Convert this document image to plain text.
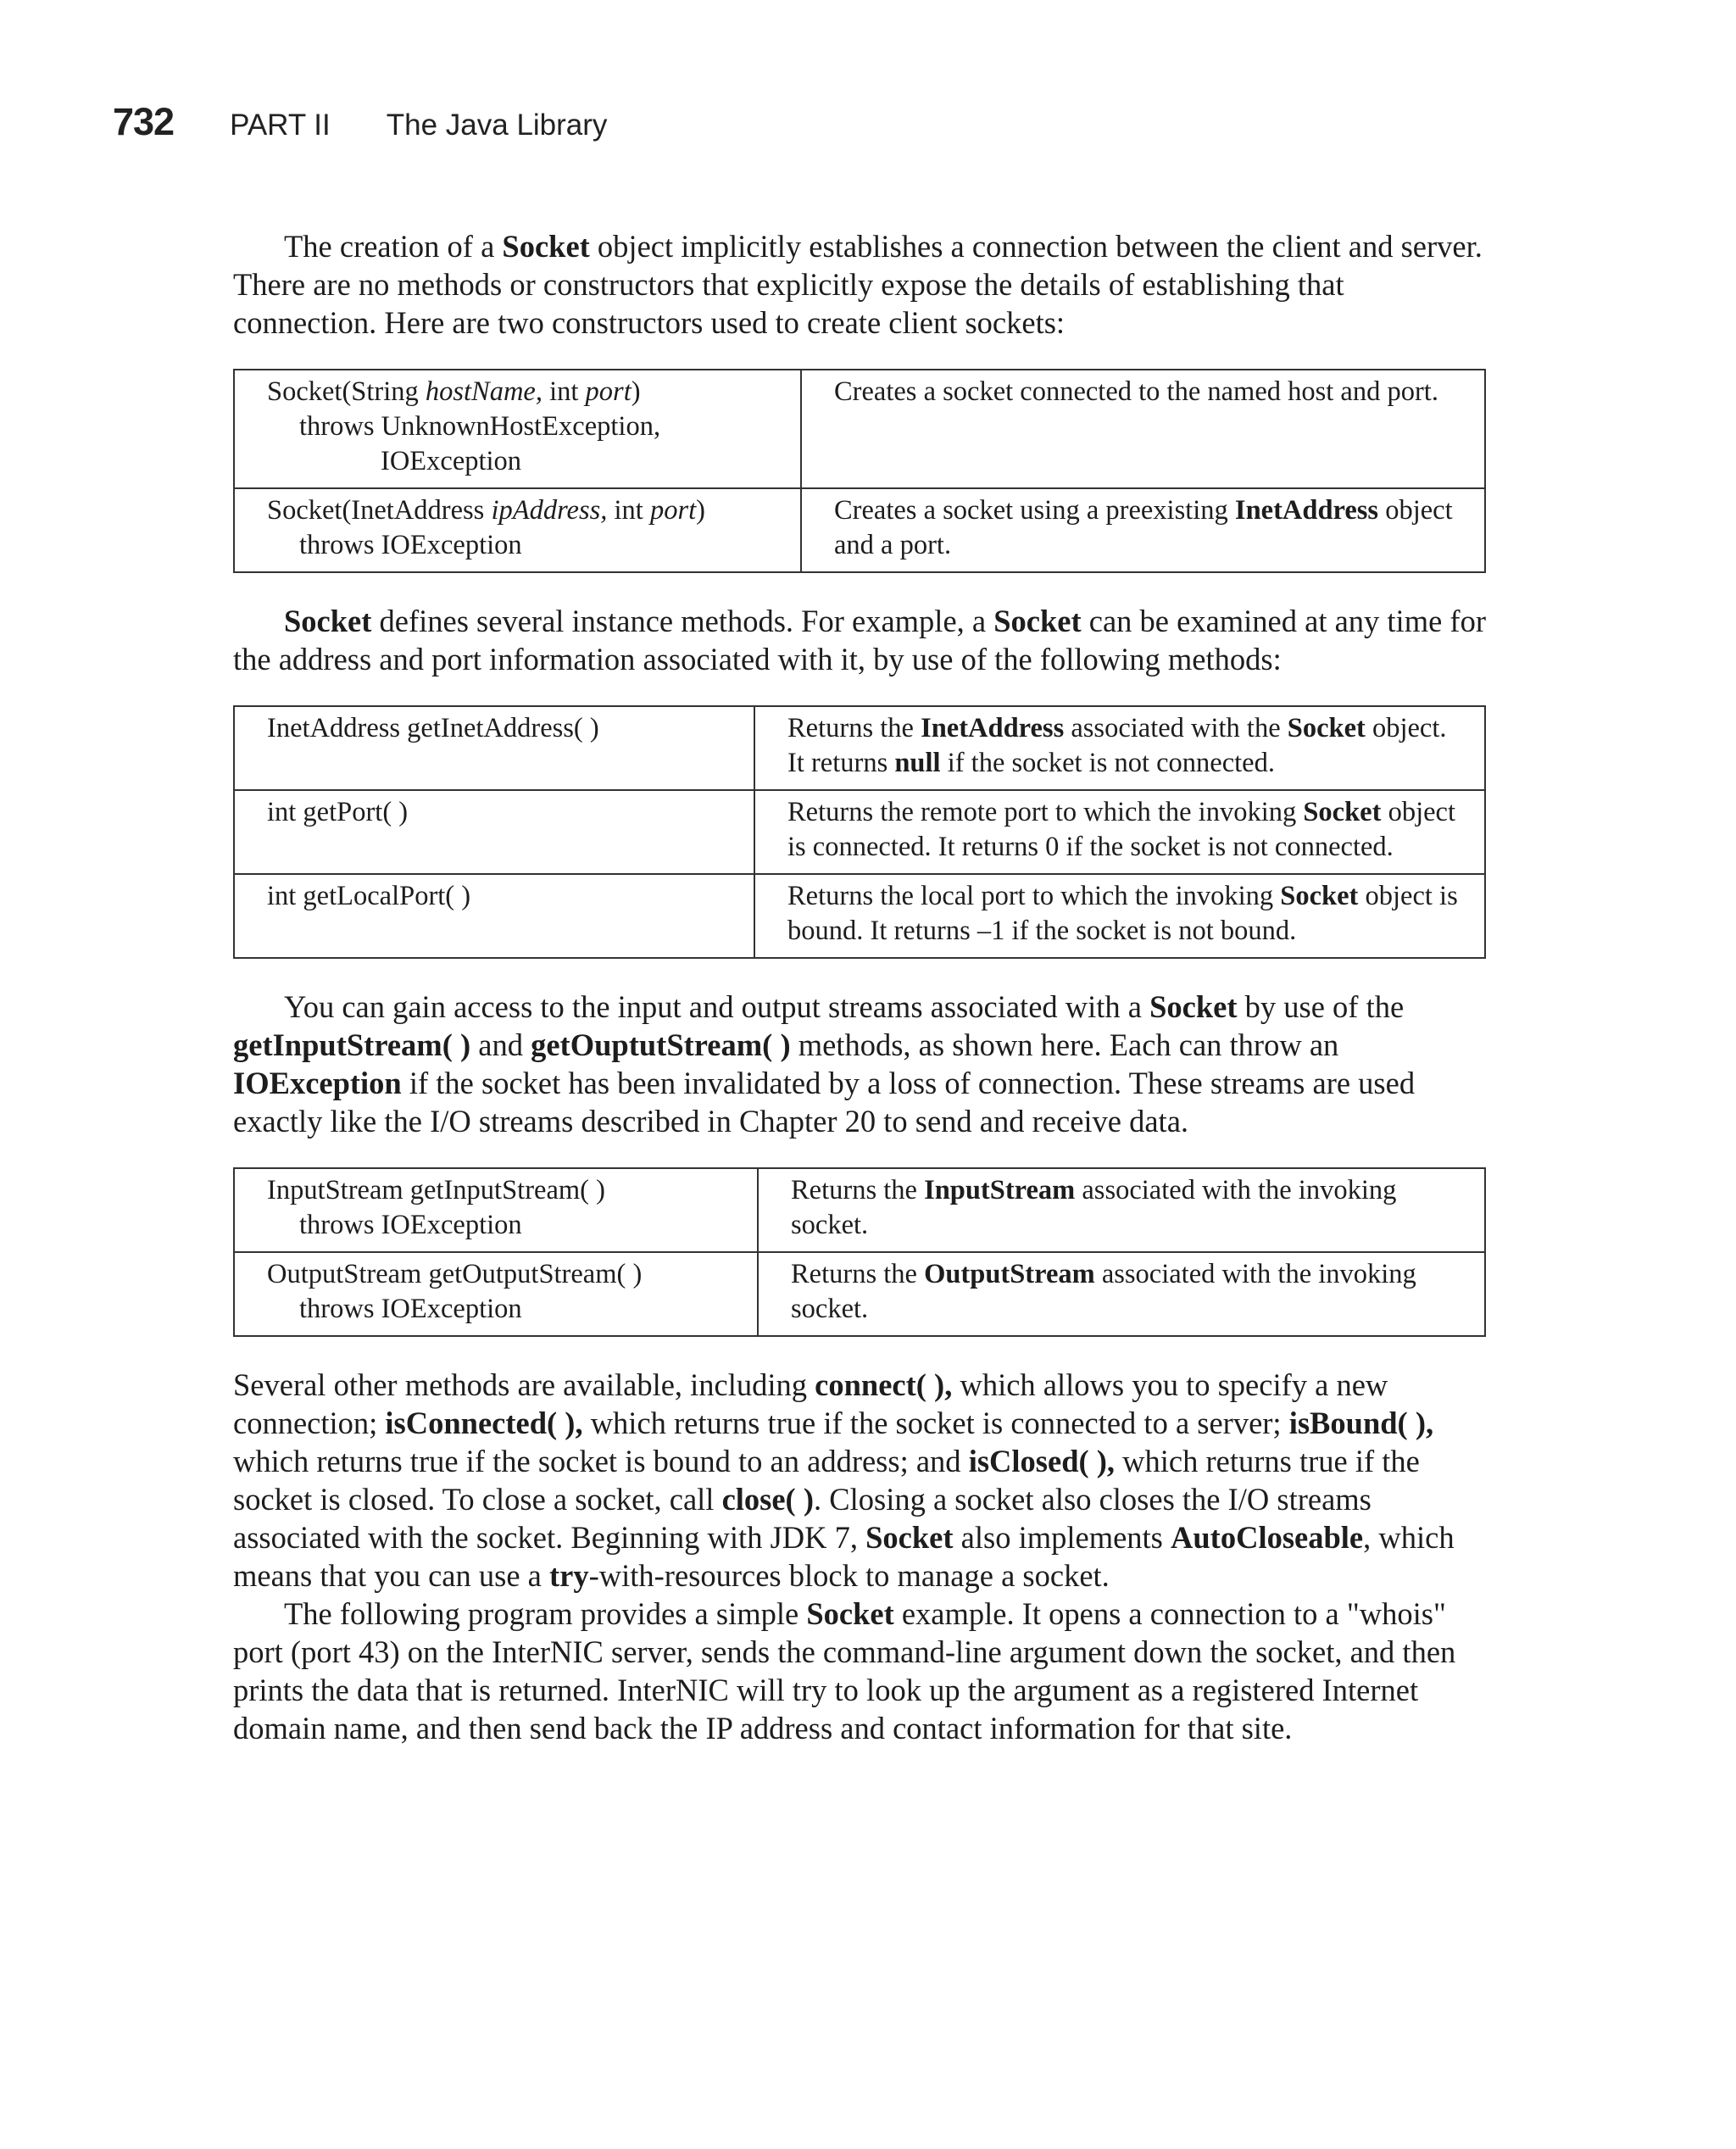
732 PART II The Java Library

The creation of a Socket object implicitly establishes a connection between the client and server. There are no methods or constructors that explicitly expose the details of establishing that connection. Here are two constructors used to create client sockets:

Socket(String hostName, int port)
throws UnknownHostException,
IOException	Creates a socket connected to the named host and port.

Socket(InetAddress ipAddress, int port)
throws IOException	Creates a socket using a preexisting InetAddress object and a port.

Socket defines several instance methods. For example, a Socket can be examined at any time for the address and port information associated with it, by use of the following methods:

InetAddress getInetAddress( )	Returns the InetAddress associated with the Socket object. It returns null if the socket is not connected.
int getPort( )	Returns the remote port to which the invoking Socket object is connected. It returns 0 if the socket is not connected.
int getLocalPort( )	Returns the local port to which the invoking Socket object is bound. It returns –1 if the socket is not bound.

You can gain access to the input and output streams associated with a Socket by use of the getInputStream( ) and getOuptutStream( ) methods, as shown here. Each can throw an IOException if the socket has been invalidated by a loss of connection. These streams are used exactly like the I/O streams described in Chapter 20 to send and receive data.

InputStream getInputStream( )
throws IOException	Returns the InputStream associated with the invoking socket.

OutputStream getOutputStream( )
throws IOException	Returns the OutputStream associated with the invoking socket.

Several other methods are available, including connect( ), which allows you to specify a new connection; isConnected( ), which returns true if the socket is connected to a server; isBound( ), which returns true if the socket is bound to an address; and isClosed( ), which returns true if the socket is closed. To close a socket, call close( ). Closing a socket also closes the I/O streams associated with the socket. Beginning with JDK 7, Socket also implements AutoCloseable, which means that you can use a try-with-resources block to manage a socket.

The following program provides a simple Socket example. It opens a connection to a "whois" port (port 43) on the InterNIC server, sends the command-line argument down the socket, and then prints the data that is returned. InterNIC will try to look up the argument as a registered Internet domain name, and then send back the IP address and contact information for that site.
